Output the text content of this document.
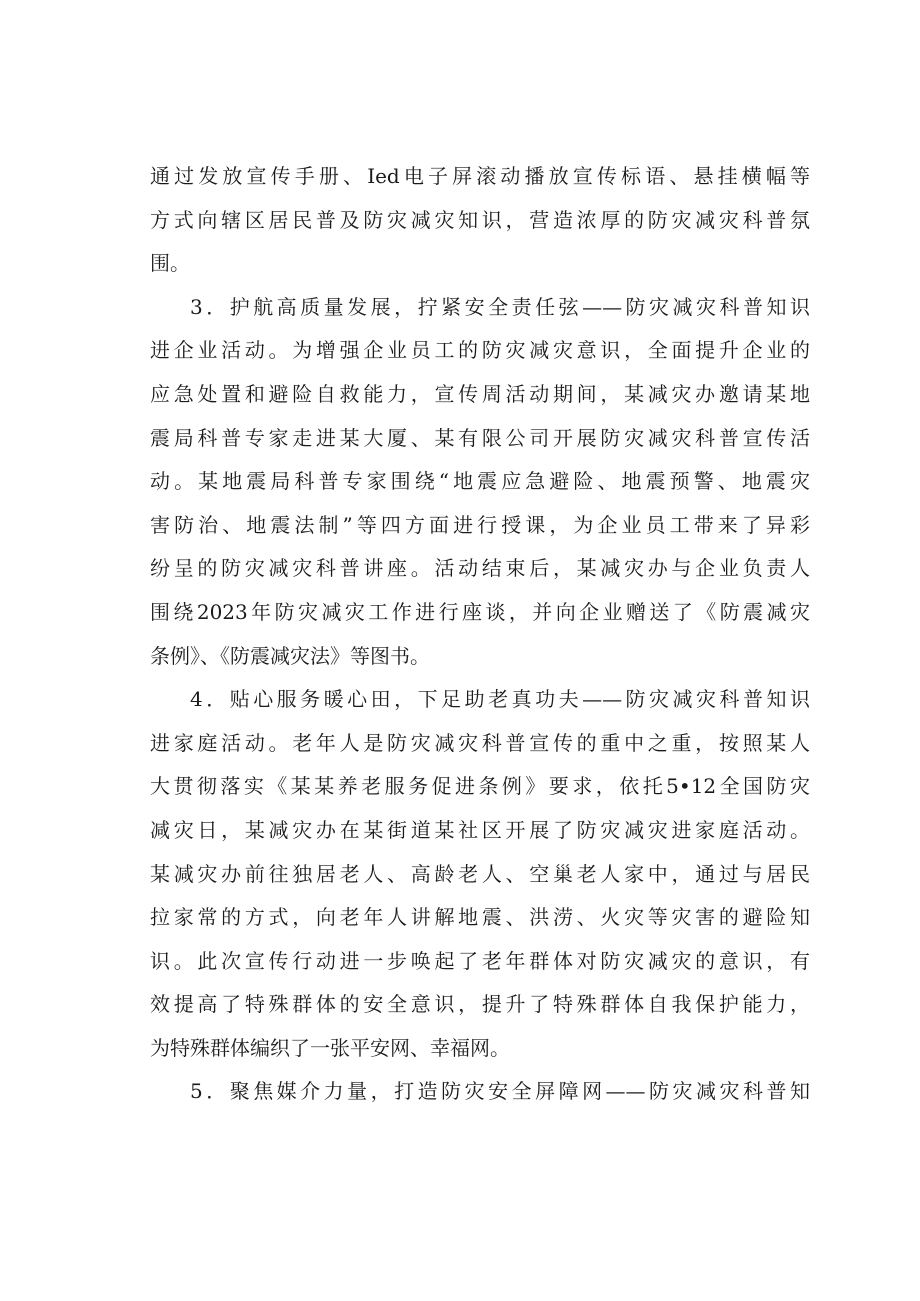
通过发放宣传手册、Ied电子屏滚动播放宣传标语、悬挂横幅等
方式向辖区居民普及防灾减灾知识，营造浓厚的防灾减灾科普氛
围。
3．护航高质量发展，拧紧安全责任弦——防灾减灾科普知识
进企业活动。为增强企业员工的防灾减灾意识，全面提升企业的
应急处置和避险自救能力，宣传周活动期间，某减灾办邀请某地
震局科普专家走进某大厦、某有限公司开展防灾减灾科普宣传活
动。某地震局科普专家围绕“地震应急避险、地震预警、地震灾
害防治、地震法制”等四方面进行授课，为企业员工带来了异彩
纷呈的防灾减灾科普讲座。活动结束后，某减灾办与企业负责人
围绕2023年防灾减灾工作进行座谈，并向企业赠送了《防震减灾
条例》、《防震减灾法》等图书。
4．贴心服务暖心田，下足助老真功夫——防灾减灾科普知识
进家庭活动。老年人是防灾减灾科普宣传的重中之重，按照某人
大贯彻落实《某某养老服务促进条例》要求，依托5•12全国防灾
减灾日，某减灾办在某街道某社区开展了防灾减灾进家庭活动。
某减灾办前往独居老人、高龄老人、空巢老人家中，通过与居民
拉家常的方式，向老年人讲解地震、洪涝、火灾等灾害的避险知
识。此次宣传行动进一步唤起了老年群体对防灾减灾的意识，有
效提高了特殊群体的安全意识，提升了特殊群体自我保护能力，
为特殊群体编织了一张平安网、幸福网。
5．聚焦媒介力量，打造防灾安全屏障网——防灾减灾科普知
